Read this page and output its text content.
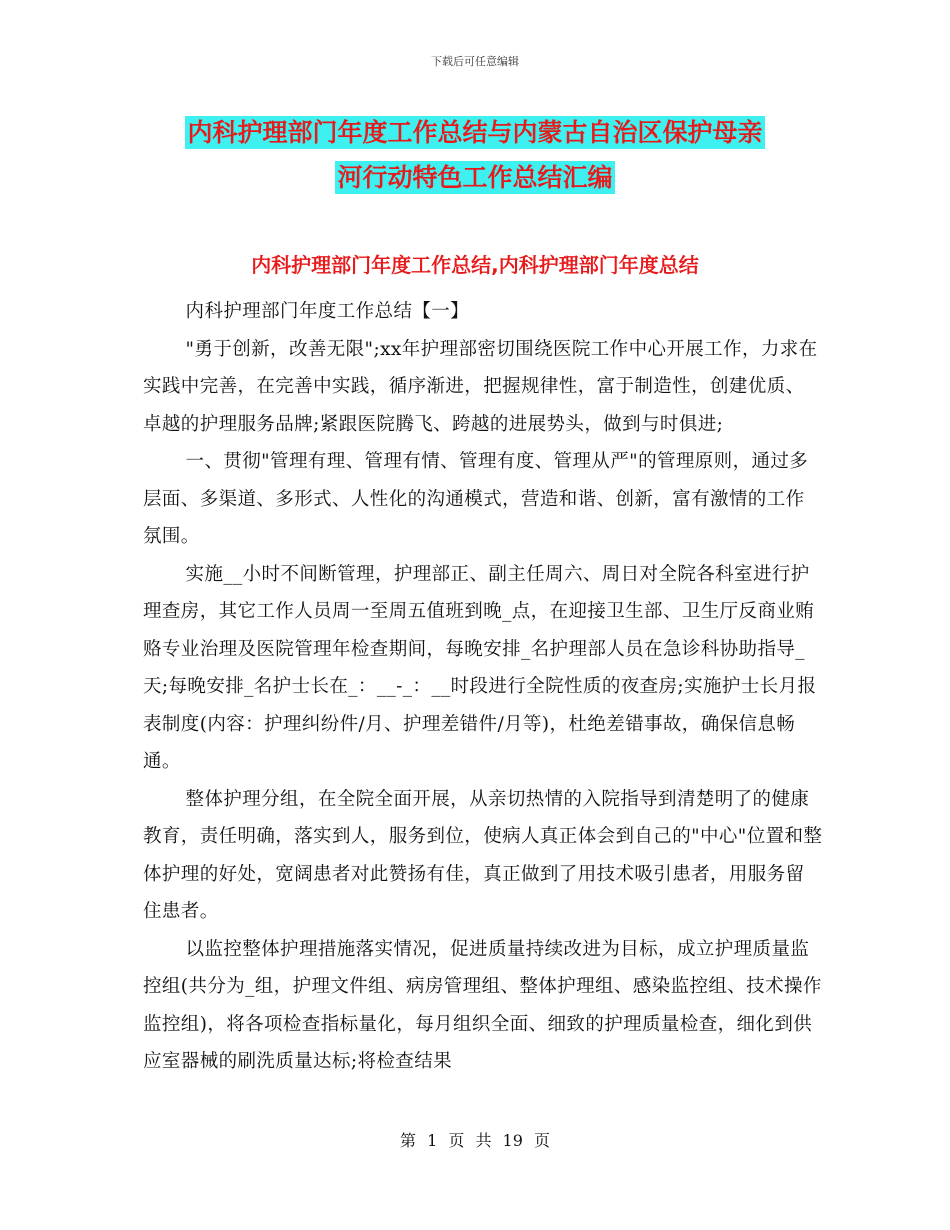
下载后可任意编辑
内科护理部门年度工作总结与内蒙古自治区保护母亲
河行动特色工作总结汇编
内科护理部门年度工作总结,内科护理部门年度总结

内科护理部门年度工作总结【一】

"勇于创新，改善无限";xx年护理部密切围绕医院工作中心开展工作，力求在实践中完善，在完善中实践，循序渐进，把握规律性，富于制造性，创建优质、卓越的护理服务品牌;紧跟医院腾飞、跨越的进展势头，做到与时俱进;

一、贯彻"管理有理、管理有情、管理有度、管理从严"的管理原则，通过多层面、多渠道、多形式、人性化的沟通模式，营造和谐、创新，富有激情的工作氛围。

实施__小时不间断管理，护理部正、副主任周六、周日对全院各科室进行护理查房，其它工作人员周一至周五值班到晚_点，在迎接卫生部、卫生厅反商业贿赂专业治理及医院管理年检查期间，每晚安排_名护理部人员在急诊科协助指导_天;每晚安排_名护士长在_：__-_：__时段进行全院性质的夜查房;实施护士长月报表制度(内容：护理纠纷件/月、护理差错件/月等)，杜绝差错事故，确保信息畅通。

整体护理分组，在全院全面开展，从亲切热情的入院指导到清楚明了的健康教育，责任明确，落实到人，服务到位，使病人真正体会到自己的"中心"位置和整体护理的好处，宽阔患者对此赞扬有佳，真正做到了用技术吸引患者，用服务留住患者。

以监控整体护理措施落实情况，促进质量持续改进为目标，成立护理质量监控组(共分为_组，护理文件组、病房管理组、整体护理组、感染监控组、技术操作监控组)，将各项检查指标量化，每月组织全面、细致的护理质量检查，细化到供应室器械的刷洗质量达标;将检查结果

第 1 页 共 19 页
